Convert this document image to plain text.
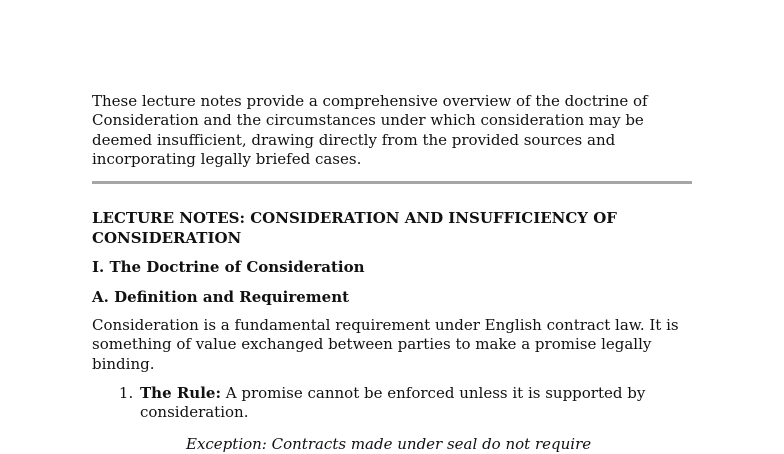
These lecture notes provide a comprehensive overview of the doctrine of Consideration and the circumstances under which consideration may be deemed insufficient, drawing directly from the provided sources and incorporating legally briefed cases.

LECTURE NOTES: CONSIDERATION AND INSUFFICIENCY OF CONSIDERATION
I. The Doctrine of Consideration
A. Definition and Requirement

Consideration is a fundamental requirement under English contract law. It is something of value exchanged between parties to make a promise legally binding.

1. The Rule: A promise cannot be enforced unless it is supported by consideration.
Exception: Contracts made under seal do not require
